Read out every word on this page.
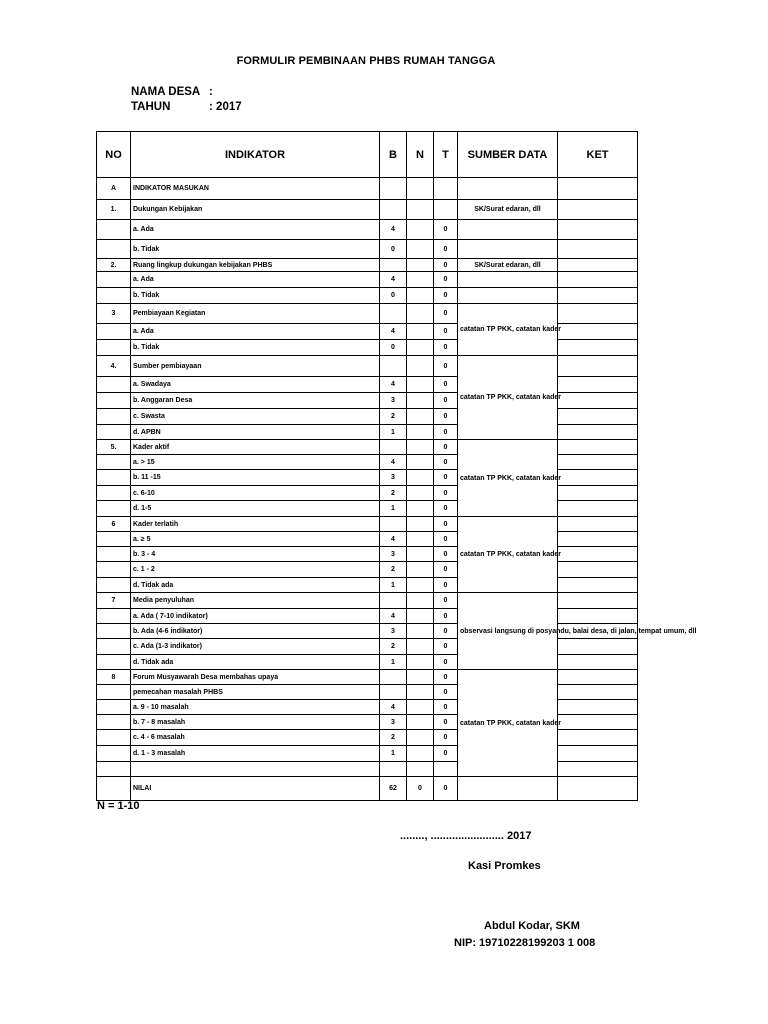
FORMULIR PEMBINAAN PHBS RUMAH TANGGA
NAMA DESA :
TAHUN	: 2017
NO	INDIKATOR	B	N	T	SUMBER DATA	KET
A	INDIKATOR MASUKAN					
1.	Dukungan Kebijakan				SK/Surat edaran, dll	
	a. Ada	4		0		
	b. Tidak	0		0		
2.	Ruang lingkup dukungan kebijakan PHBS			0	SK/Surat edaran, dll	
	a. Ada	4		0		
	b. Tidak	0		0		
3	Pembiayaan Kegiatan			0	catatan TP PKK, catatan kader	
	a. Ada	4		0		
	b. Tidak	0		0		
4.	Sumber pembiayaan			0	catatan TP PKK, catatan kader	
	a. Swadaya	4		0		
	b. Anggaran Desa	3		0		
	c. Swasta	2		0		
	d. APBN	1		0		
5.	Kader aktif			0	catatan TP PKK, catatan kader	
	a. > 15	4		0		
	b. 11 -15	3		0		
	c. 6-10	2		0		
	d. 1-5	1		0		
6	Kader terlatih			0	catatan TP PKK, catatan kader	
	a. ≥ 5	4		0		
	b. 3 - 4	3		0		
	c. 1 - 2	2		0		
	d. Tidak ada	1		0		
7	Media penyuluhan			0	observasi langsung di posyandu, balai desa, di jalan, tempat umum, dll	
	a. Ada ( 7-10 indikator)	4		0		
	b. Ada (4-6 indikator)	3		0		
	c. Ada (1-3 indikator)	2		0		
	d. Tidak ada	1		0		
8	Forum Musyawarah Desa membahas upaya			0	catatan TP PKK, catatan kader	
	pemecahan masalah PHBS			0		
	a. 9 - 10 masalah	4		0		
	b. 7 - 8 masalah	3		0		
	c. 4 - 6 masalah	2		0		
	d. 1 - 3 masalah	1		0		

	NILAI	62	0	0		
N = 1-10
........, ........................ 2017
Kasi Promkes
Abdul Kodar, SKM
NIP: 19710228199203 1 008
